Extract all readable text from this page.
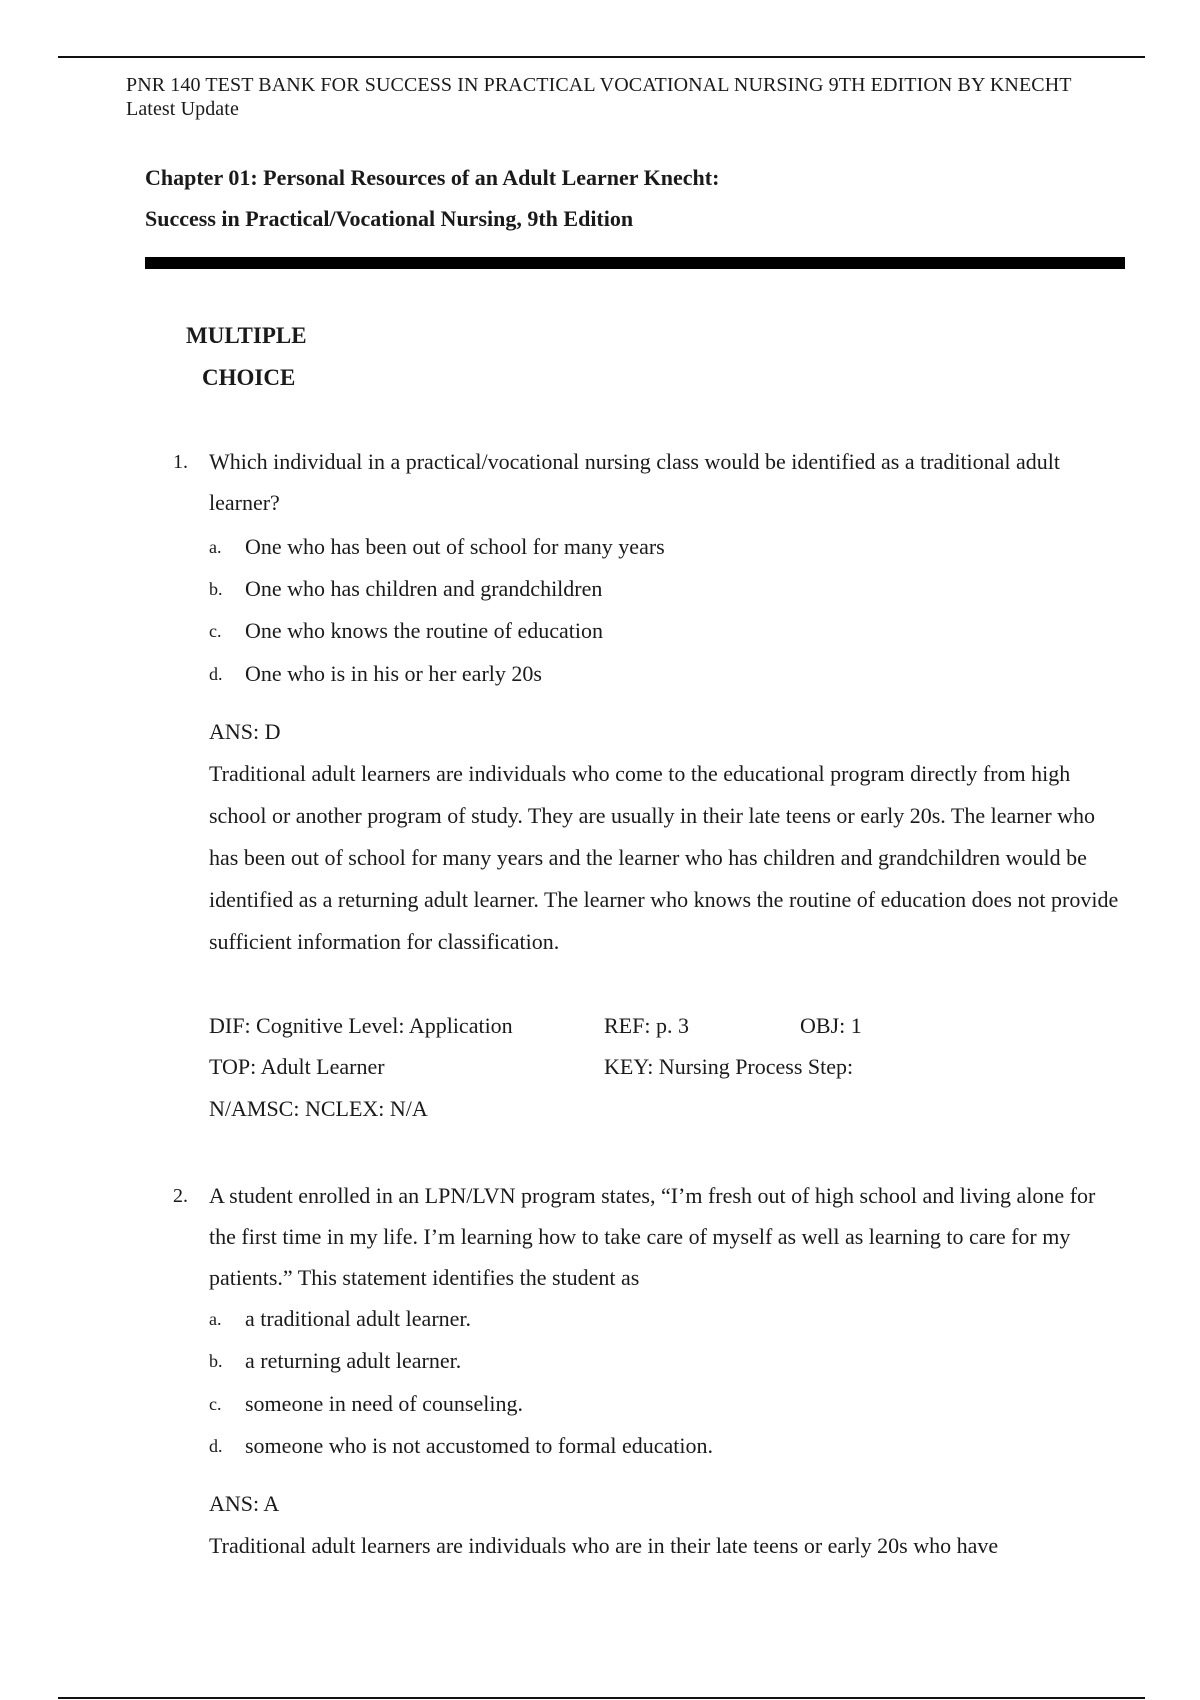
PNR 140 TEST BANK FOR SUCCESS IN PRACTICAL VOCATIONAL NURSING 9TH EDITION BY KNECHT Latest Update
Chapter 01: Personal Resources of an Adult Learner Knecht:
Success in Practical/Vocational Nursing, 9th Edition
MULTIPLE
CHOICE
1. Which individual in a practical/vocational nursing class would be identified as a traditional adult learner?
a. One who has been out of school for many years
b. One who has children and grandchildren
c. One who knows the routine of education
d. One who is in his or her early 20s
ANS: D
Traditional adult learners are individuals who come to the educational program directly from high school or another program of study. They are usually in their late teens or early 20s. The learner who has been out of school for many years and the learner who has children and grandchildren would be identified as a returning adult learner. The learner who knows the routine of education does not provide sufficient information for classification.
DIF: Cognitive Level: Application	REF: p. 3	OBJ: 1
TOP: Adult Learner	KEY: Nursing Process Step:
N/AMSC: NCLEX: N/A
2. A student enrolled in an LPN/LVN program states, “I’m fresh out of high school and living alone for the first time in my life. I’m learning how to take care of myself as well as learning to care for my patients.” This statement identifies the student as
a. a traditional adult learner.
b. a returning adult learner.
c. someone in need of counseling.
d. someone who is not accustomed to formal education.
ANS: A
Traditional adult learners are individuals who are in their late teens or early 20s who have
